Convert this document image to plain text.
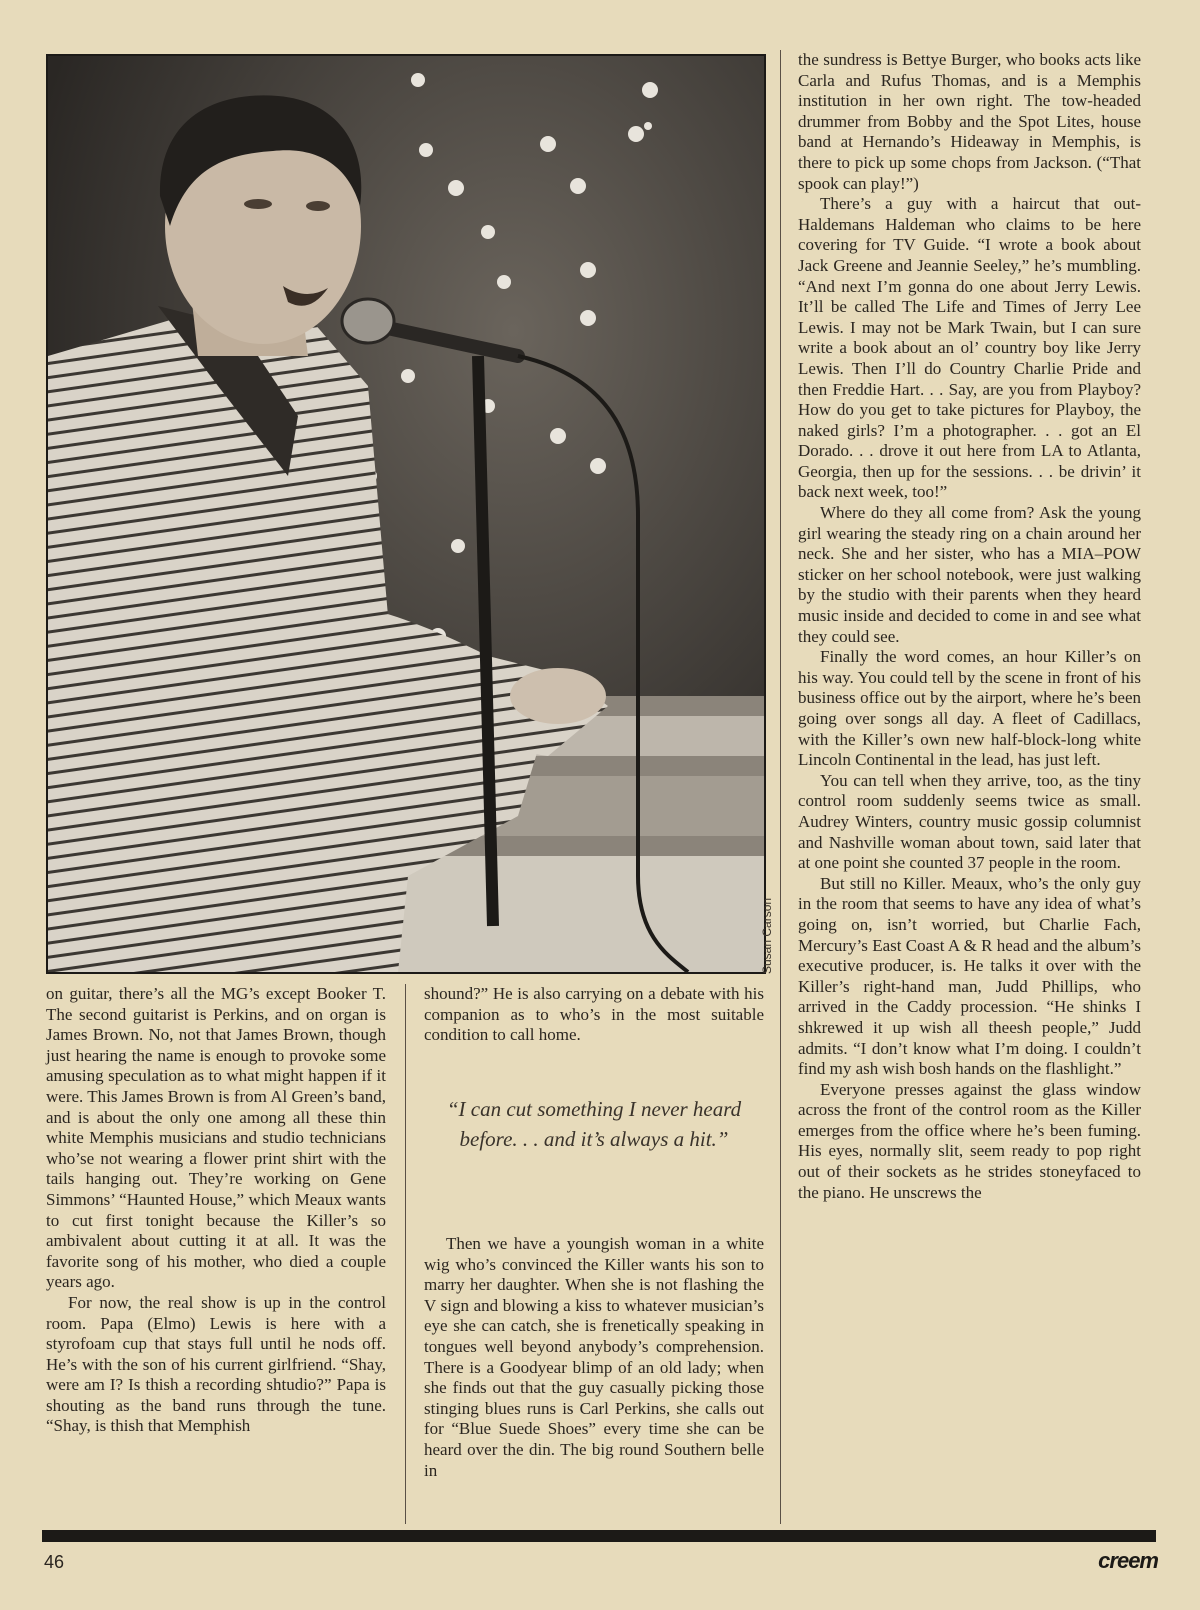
Susan Carson

on guitar, there’s all the MG’s except Booker T. The second guitarist is Perkins, and on organ is James Brown. No, not that James Brown, though just hearing the name is enough to provoke some amusing speculation as to what might happen if it were. This James Brown is from Al Green’s band, and is about the only one among all these thin white Memphis musicians and studio technicians who’se not wearing a flower print shirt with the tails hanging out. They’re working on Gene Simmons’ “Haunted House,” which Meaux wants to cut first tonight because the Killer’s so ambivalent about cutting it at all. It was the favorite song of his mother, who died a couple years ago.

For now, the real show is up in the control room. Papa (Elmo) Lewis is here with a styrofoam cup that stays full until he nods off. He’s with the son of his current girlfriend. “Shay, were am I? Is thish a recording shtudio?” Papa is shouting as the band runs through the tune. “Shay, is thish that Memphish

shound?” He is also carrying on a debate with his companion as to who’s in the most suitable condition to call home.

“I can cut something I never heard before. . . and it’s always a hit.”

Then we have a youngish woman in a white wig who’s convinced the Killer wants his son to marry her daughter. When she is not flashing the V sign and blowing a kiss to whatever musician’s eye she can catch, she is frenetically speaking in tongues well beyond anybody’s comprehension. There is a Goodyear blimp of an old lady; when she finds out that the guy casually picking those stinging blues runs is Carl Perkins, she calls out for “Blue Suede Shoes” every time she can be heard over the din. The big round Southern belle in

the sundress is Bettye Burger, who books acts like Carla and Rufus Thomas, and is a Memphis institution in her own right. The tow-headed drummer from Bobby and the Spot Lites, house band at Hernando’s Hideaway in Memphis, is there to pick up some chops from Jackson. (“That spook can play!”)

There’s a guy with a haircut that out-Haldemans Haldeman who claims to be here covering for TV Guide. “I wrote a book about Jack Greene and Jeannie Seeley,” he’s mumbling. “And next I’m gonna do one about Jerry Lewis. It’ll be called The Life and Times of Jerry Lee Lewis. I may not be Mark Twain, but I can sure write a book about an ol’ country boy like Jerry Lewis. Then I’ll do Country Charlie Pride and then Freddie Hart. . . Say, are you from Playboy? How do you get to take pictures for Playboy, the naked girls? I’m a photographer. . . got an El Dorado. . . drove it out here from LA to Atlanta, Georgia, then up for the sessions. . . be drivin’ it back next week, too!”

Where do they all come from? Ask the young girl wearing the steady ring on a chain around her neck. She and her sister, who has a MIA–POW sticker on her school notebook, were just walking by the studio with their parents when they heard music inside and decided to come in and see what they could see.

Finally the word comes, an hour Killer’s on his way. You could tell by the scene in front of his business office out by the airport, where he’s been going over songs all day. A fleet of Cadillacs, with the Killer’s own new half-block-long white Lincoln Continental in the lead, has just left.

You can tell when they arrive, too, as the tiny control room suddenly seems twice as small. Audrey Winters, country music gossip columnist and Nashville woman about town, said later that at one point she counted 37 people in the room.

But still no Killer. Meaux, who’s the only guy in the room that seems to have any idea of what’s going on, isn’t worried, but Charlie Fach, Mercury’s East Coast A & R head and the album’s executive producer, is. He talks it over with the Killer’s right-hand man, Judd Phillips, who arrived in the Caddy procession. “He shinks I shkrewed it up wish all theesh people,” Judd admits. “I don’t know what I’m doing. I couldn’t find my ash wish bosh hands on the flashlight.”

Everyone presses against the glass window across the front of the control room as the Killer emerges from the office where he’s been fuming. His eyes, normally slit, seem ready to pop right out of their sockets as he strides stoneyfaced to the piano. He unscrews the

46	creem
